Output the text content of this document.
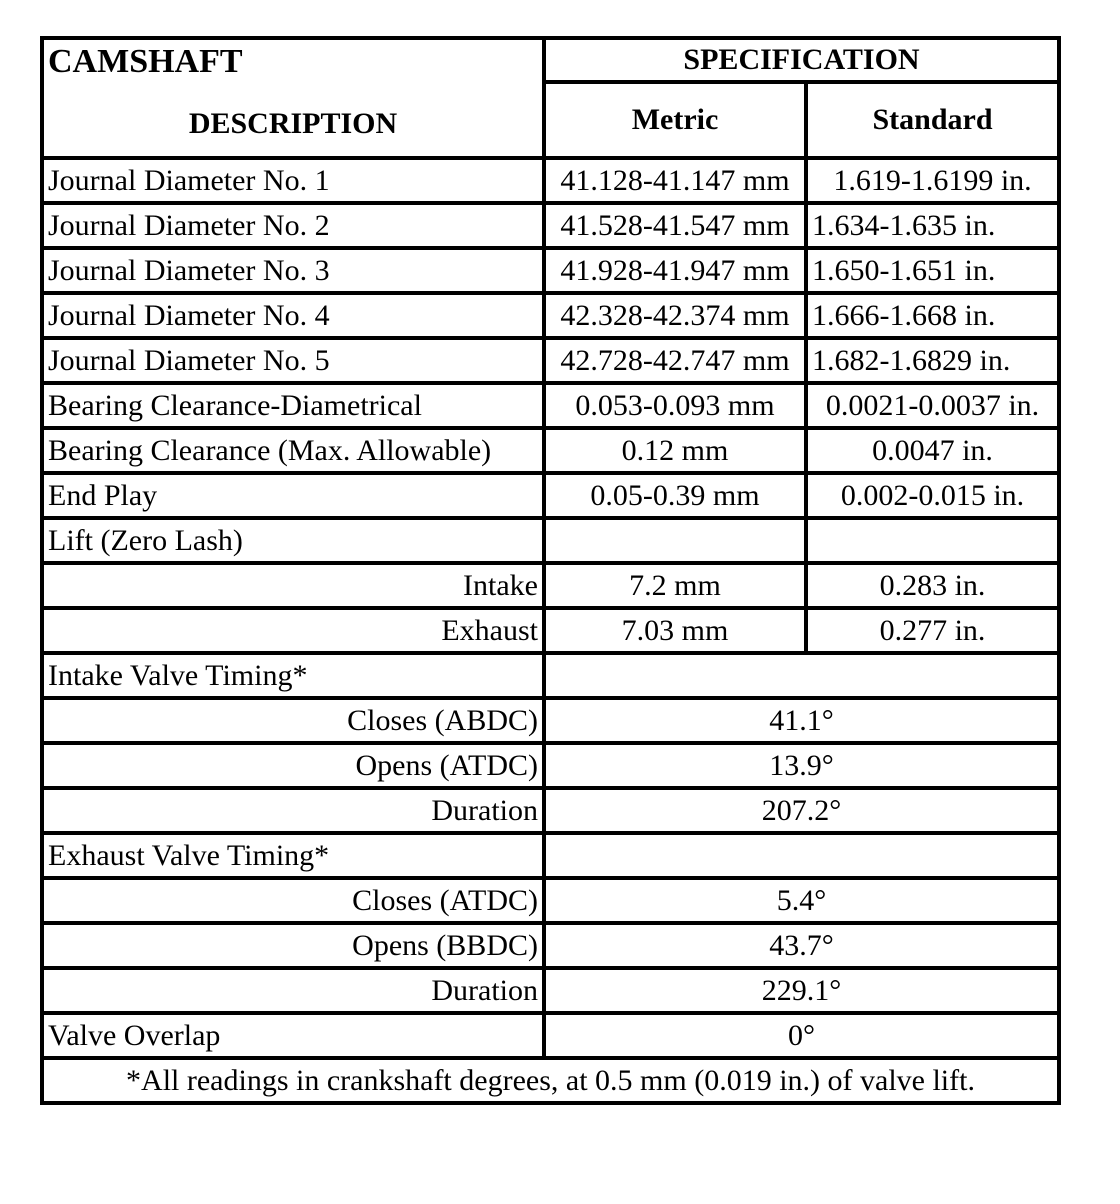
CAMSHAFT
DESCRIPTION	SPECIFICATION	
	Metric	Standard
Journal Diameter No. 1	41.128-41.147 mm	1.619-1.6199 in.
Journal Diameter No. 2	41.528-41.547 mm	1.634-1.635 in.
Journal Diameter No. 3	41.928-41.947 mm	1.650-1.651 in.
Journal Diameter No. 4	42.328-42.374 mm	1.666-1.668 in.
Journal Diameter No. 5	42.728-42.747 mm	1.682-1.6829 in.
Bearing Clearance-Diametrical	0.053-0.093 mm	0.0021-0.0037 in.
Bearing Clearance (Max. Allowable)	0.12 mm	0.0047 in.
End Play	0.05-0.39 mm	0.002-0.015 in.
Lift (Zero Lash)		
Intake	7.2 mm	0.283 in.
Exhaust	7.03 mm	0.277 in.
Intake Valve Timing*		
Closes (ABDC)	41.1°	
Opens (ATDC)	13.9°	
Duration	207.2°	
Exhaust Valve Timing*		
Closes (ATDC)	5.4°	
Opens (BBDC)	43.7°	
Duration	229.1°	
Valve Overlap	0°	
*All readings in crankshaft degrees, at 0.5 mm (0.019 in.) of valve lift.		
